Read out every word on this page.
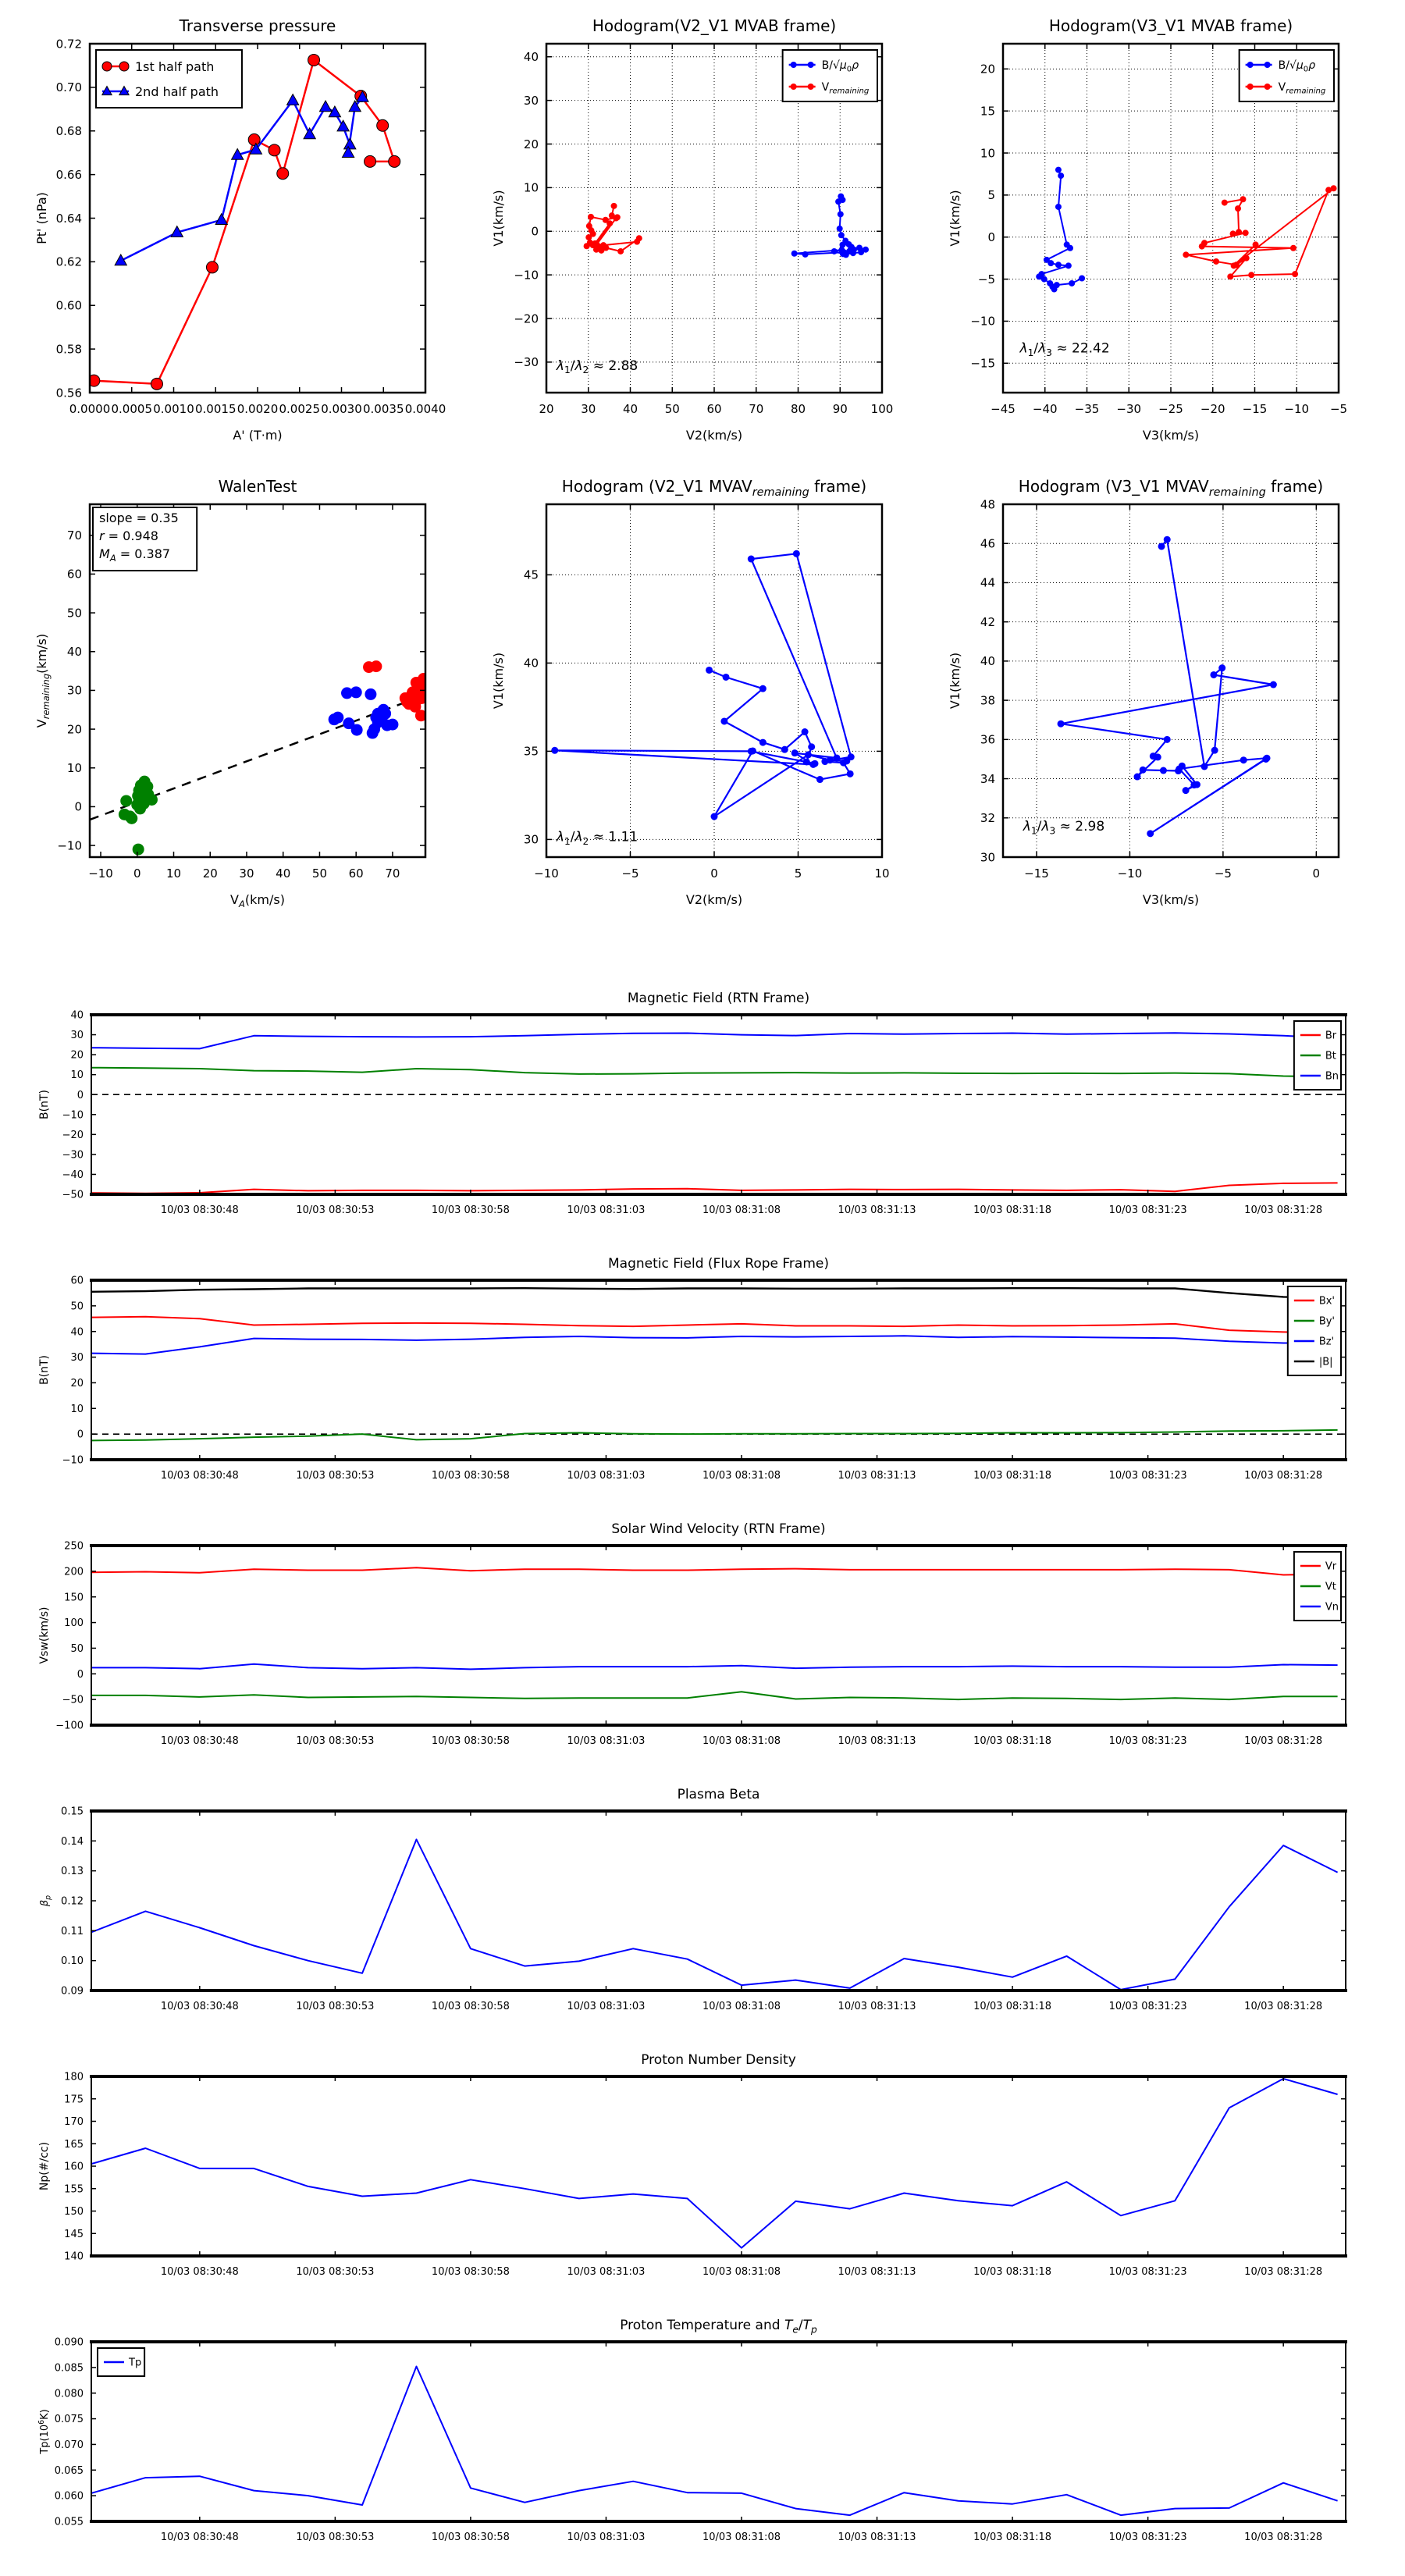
0.0000 0.0005 0.0010 0.0015 0.0020 0.0025 0.0030 0.0035 0.0040
0.56
0.58
0.60
0.62
0.64
0.66
0.68
0.70
0.72
Transverse pressure
A' (T·m)
Pt' (nPa)
1st half path
2nd half path
20 30 40 50 60 70 80 90 100
40
30
20
10
0
−10
−20
−30
Hodogram(V2_V1 MVAB frame)
V2(km/s)
V1(km/s)
$\lambda_1/\lambda_2 \approx 2.88$
$B/√\mu_0\rho$
$V_{remaining}$
−45 −40 −35 −30 −25 −20 −15 −10 −5
20
15
10
5
0
−5
−10
−15
Hodogram(V3_V1 MVAB frame)
V3(km/s)
V1(km/s)
$\lambda_1/\lambda_3 \approx 22.42$
$B/√\mu_0\rho$
$V_{remaining}$
−10 0 10 20 30 40 50 60 70
70
60
50
40
30
20
10
0
−10
WalenTest
$V_A(km/s)$
$V_{remaining}(km/s)$
slope = 0.35
r = 0.948
$M_A = 0.387$
−10	−5	0	5	10
45
40
35
30
Hodogram (V2_V1 $MVAV_{remaining}$ frame)
V2(km/s)
V1(km/s)
$\lambda_1/\lambda_2 \approx 1.11$
−15	−10	−5	0
48
46
44
42
40
38
36
34
32
30
Hodogram (V3_V1 $MVAV_{remaining}$ frame)
V3(km/s)
V1(km/s)
$\lambda_1/\lambda_3 \approx 2.98$
10/03 08:30:48	10/03 08:30:53	10/03 08:30:58	10/03 08:31:03	10/03 08:31:08	10/03 08:31:13	10/03 08:31:18	10/03 08:31:23	10/03 08:31:28
40
30
20
10
0
−10
−20
−30
−40
−50
Magnetic Field (RTN Frame)
B(nT)
Br
Bt
Bn
10/03 08:30:48	10/03 08:30:53	10/03 08:30:58	10/03 08:31:03	10/03 08:31:08	10/03 08:31:13	10/03 08:31:18	10/03 08:31:23	10/03 08:31:28
60
50
40
30
20
10
0
−10
Magnetic Field (Flux Rope Frame)
B(nT)
Bx'
By'
Bz'
|B|
10/03 08:30:48	10/03 08:30:53	10/03 08:30:58	10/03 08:31:03	10/03 08:31:08	10/03 08:31:13	10/03 08:31:18	10/03 08:31:23	10/03 08:31:28
250
200
150
100
50
0
−50
−100
Solar Wind Velocity (RTN Frame)
Vsw(km/s)
Vr
Vt
Vn
10/03 08:30:48	10/03 08:30:53	10/03 08:30:58	10/03 08:31:03	10/03 08:31:08	10/03 08:31:13	10/03 08:31:18	10/03 08:31:23	10/03 08:31:28
0.15
0.14
0.13
0.12
0.11
0.10
0.09
Plasma Beta
$\beta_p$
10/03 08:30:48	10/03 08:30:53	10/03 08:30:58	10/03 08:31:03	10/03 08:31:08	10/03 08:31:13	10/03 08:31:18	10/03 08:31:23	10/03 08:31:28
180
175
170
165
160
155
150
145
140
Proton Number Density
Np(#/cc)
10/03 08:30:48	10/03 08:30:53	10/03 08:30:58	10/03 08:31:03	10/03 08:31:08	10/03 08:31:13	10/03 08:31:18	10/03 08:31:23	10/03 08:31:28
0.090
0.085
0.080
0.075
0.070
0.065
0.060
0.055
Proton Temperature and $T_e/T_p$
$Tp(10^6K)$
Tp
